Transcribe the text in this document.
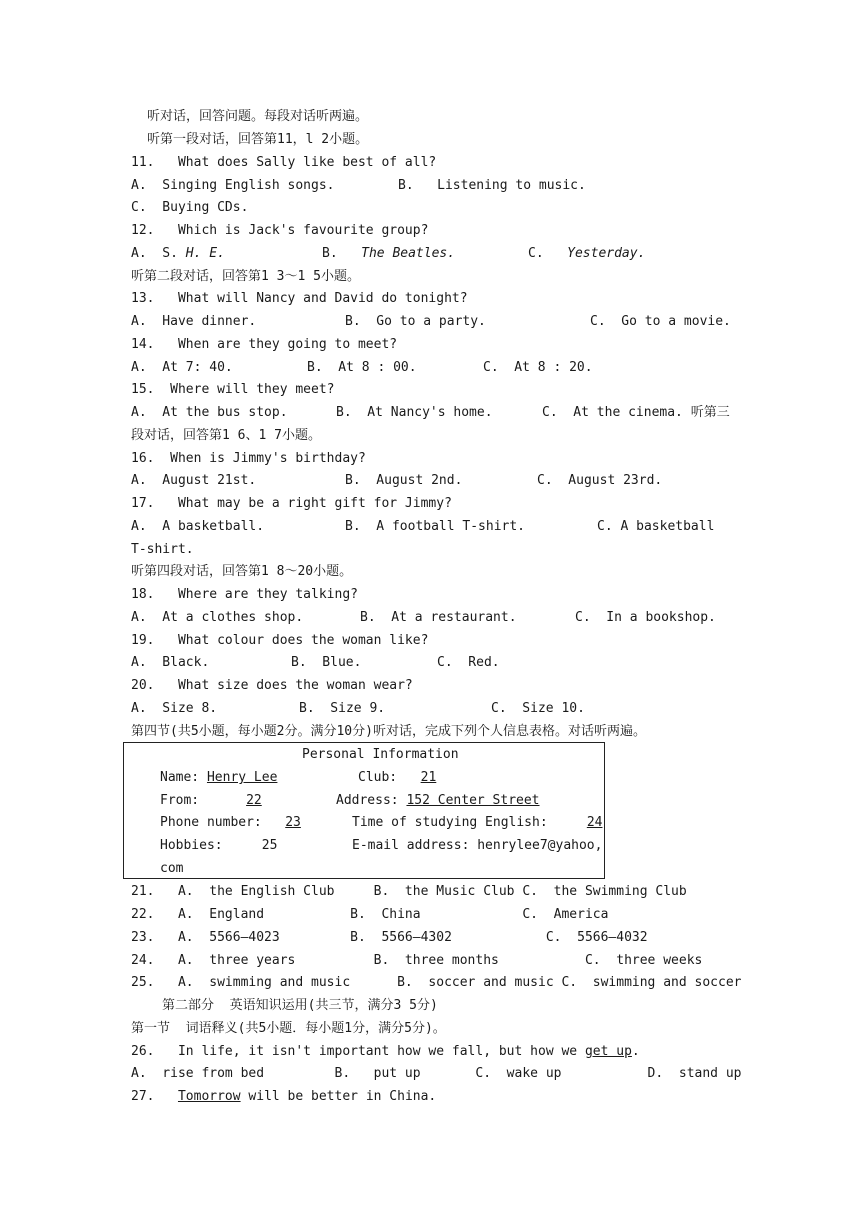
听对话，回答问题。每段对话听两遍。
听第一段对话，回答第11，l 2小题。
11.   What does Sally like best of all?
A.  Singing English songs.	B.   Listening to music.
C.  Buying CDs.
12.   Which is Jack's favourite group?
A.  S. H. E.	B.   The Beatles.	C.   Yesterday.
听第二段对话，回答第1 3～1 5小题。
13.   What will Nancy and David do tonight?
A.  Have dinner.	B.  Go to a party.	C.  Go to a movie.
14.   When are they going to meet?
A.  At 7: 40.	B.  At 8 : 00.	C.  At 8 : 20.
15.  Where will they meet?
A.  At the bus stop.	B.  At Nancy's home.	C.  At the cinema. 听第三
段对话，回答第1 6、1 7小题。
16.  When is Jimmy's birthday?
A.  August 21st.	B.  August 2nd.	C.  August 23rd.
17.   What may be a right gift for Jimmy?
A.  A basketball.	B.  A football T-shirt.	C. A basketball
T-shirt.
听第四段对话，回答第1 8～20小题。
18.   Where are they talking?
A.  At a clothes shop.	B.  At a restaurant.	C.  In a bookshop.
19.   What colour does the woman like?
A.  Black.	B.  Blue.	C.  Red.
20.   What size does the woman wear?
A.  Size 8.	B.  Size 9.	C.  Size 10.
第四节(共5小题，每小题2分。满分10分)听对话，完成下列个人信息表格。对话听两遍。
Personal Information
Name: Henry Lee	Club:   21
From:      22	Address: 152 Center Street
Phone number:   23	Time of studying English:     24
Hobbies:     25	E-mail address: henrylee7@yahoo,
com
21.   A.  the English Club     B.  the Music Club C.  the Swimming Club
22.   A.  England           B.  China             C.  America
23.   A.  5566—4023         B.  5566—4302            C.  5566—4032
24.   A.  three years          B.  three months           C.  three weeks
25.   A.  swimming and music      B.  soccer and music C.  swimming and soccer
第二部分  英语知识运用(共三节，满分3 5分)
第一节  词语释义(共5小题．每小题1分，满分5分)。
26.   In life, it isn't important how we fall, but how we get up.
A.  rise from bed         B.   put up       C.  wake up           D.  stand up
27.   Tomorrow will be better in China.
